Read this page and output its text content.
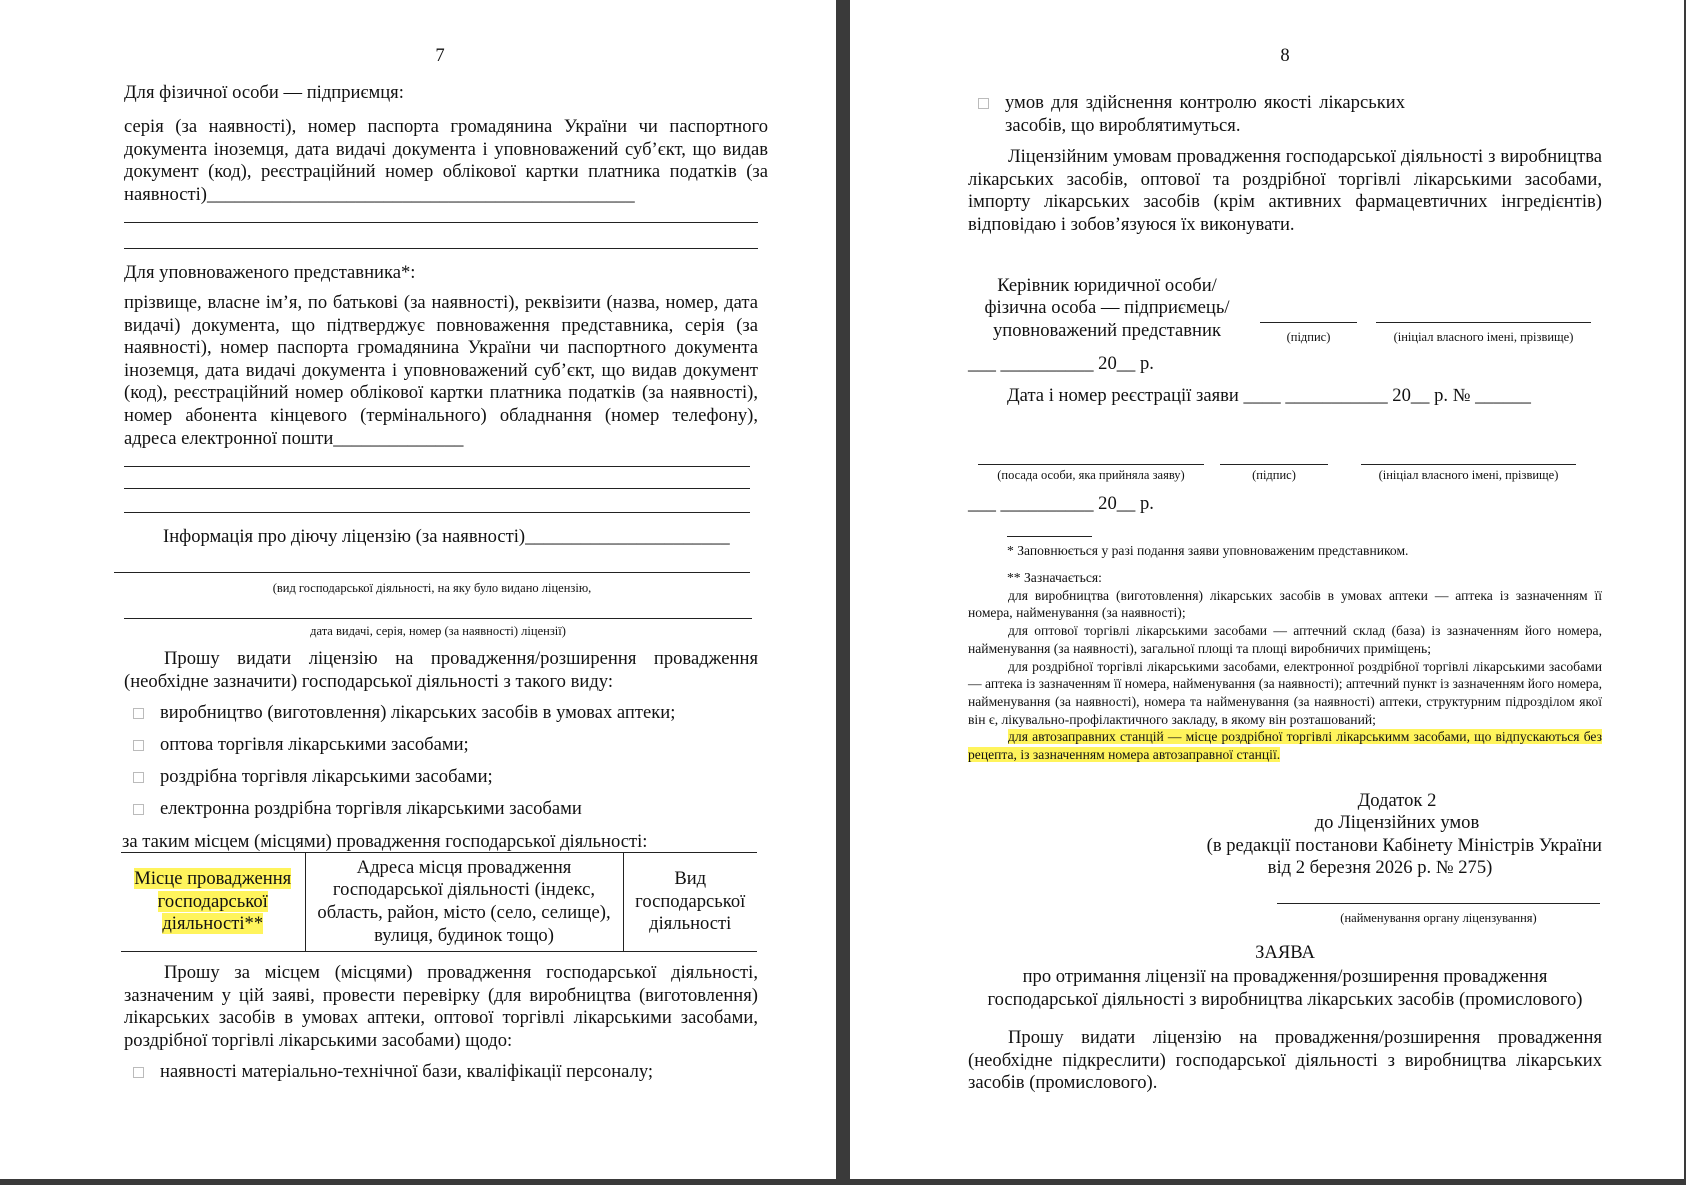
7
Для фізичної особи — підприємця:
серія (за наявності), номер паспорта громадянина України чи паспортного документа іноземця, дата видачі документа і уповноважений суб’єкт, що видав документ (код), реєстраційний номер облікової картки платника податків (за наявності)______________________________________________
Для уповноваженого представника*:
прізвище, власне ім’я, по батькові (за наявності), реквізити (назва, номер, дата видачі) документа, що підтверджує повноваження представника, серія (за наявності), номер паспорта громадянина України чи паспортного документа іноземця, дата видачі документа і уповноважений суб’єкт, що видав документ (код), реєстраційний номер облікової картки платника податків (за наявності), номер абонента кінцевого (термінального) обладнання (номер телефону), адреса електронної пошти______________
Інформація про діючу ліцензію (за наявності)______________________
(вид господарської діяльності, на яку було видано ліцензію,
дата видачі, серія, номер (за наявності) ліцензії)
Прошу видати ліцензію на провадження/розширення провадження (необхідне зазначити) господарської діяльності з такого виду:
виробництво (виготовлення) лікарських засобів в умовах аптеки;
оптова торгівля лікарськими засобами;
роздрібна торгівля лікарськими засобами;
електронна роздрібна торгівля лікарськими засобами
за таким місцем (місцями) провадження господарської діяльності:
Місце провадження господарської діяльності**	Адреса місця провадження господарської діяльності (індекс, область, район, місто (село, селище), вулиця, будинок тощо)	Вид господарської діяльності
Прошу за місцем (місцями) провадження господарської діяльності, зазначеним у цій заяві, провести перевірку (для виробництва (виготовлення) лікарських засобів в умовах аптеки, оптової торгівлі лікарськими засобами, роздрібної торгівлі лікарськими засобами) щодо:
наявності матеріально-технічної бази, кваліфікації персоналу;
8
умов для здійснення контролю якості лікарських засобів, що вироблятимуться.
Ліцензійним умовам провадження господарської діяльності з виробництва лікарських засобів, оптової та роздрібної торгівлі лікарськими засобами, імпорту лікарських засобів (крім активних фармацевтичних інгредієнтів) відповідаю і зобов’язуюся їх виконувати.
Керівник юридичної особи/
фізична особа — підприємець/
уповноважений представник	(підпис)	(ініціал власного імені, прізвище)
___ __________ 20__ р.
Дата і номер реєстрації заяви ____ ___________ 20__ р. № ______
(посада особи, яка прийняла заяву)	(підпис)	(ініціал власного імені, прізвище)
___ __________ 20__ р.
* Заповнюється у разі подання заяви уповноваженим представником.
** Зазначається:
для виробництва (виготовлення) лікарських засобів в умовах аптеки — аптека із зазначенням її номера, найменування (за наявності);
для оптової торгівлі лікарськими засобами — аптечний склад (база) із зазначенням його номера, найменування (за наявності), загальної площі та площі виробничих приміщень;
для роздрібної торгівлі лікарськими засобами, електронної роздрібної торгівлі лікарськими засобами — аптека із зазначенням її номера, найменування (за наявності); аптечний пункт із зазначенням його номера, найменування (за наявності), номера та найменування (за наявності) аптеки, структурним підрозділом якої він є, лікувально-профілактичного закладу, в якому він розташований;
для автозаправних станцій — місце роздрібної торгівлі лікарськимм засобами, що відпускаються без рецепта, із зазначенням номера автозаправної станції.
Додаток 2
до Ліцензійних умов
(в редакції постанови Кабінету Міністрів України
від 2 березня 2026 р. № 275)
(найменування органу ліцензування)
ЗАЯВА
про отримання ліцензії на провадження/розширення провадження
господарської діяльності з виробництва лікарських засобів (промислового)
Прошу видати ліцензію на провадження/розширення провадження (необхідне підкреслити) господарської діяльності з виробництва лікарських засобів (промислового).
